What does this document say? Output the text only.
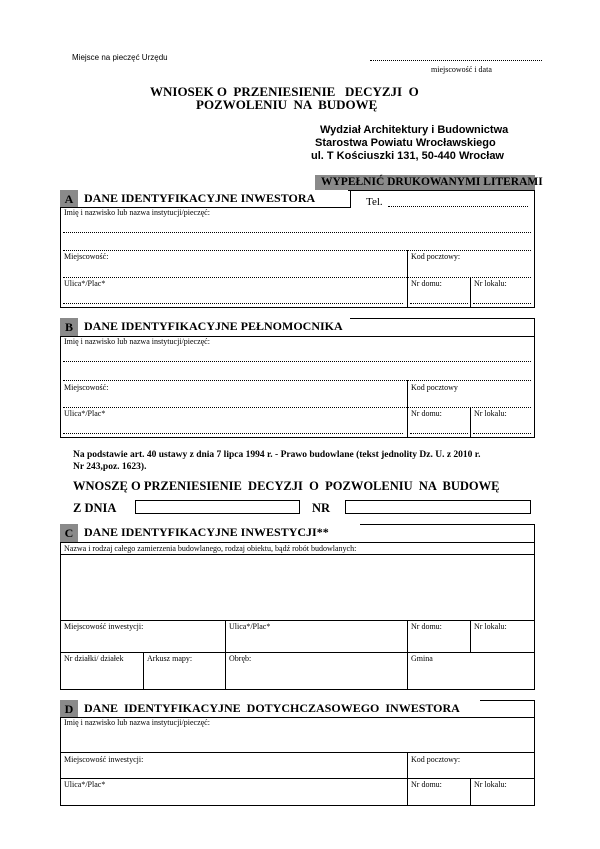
Miejsce na pieczęć Urzędu
miejscowość i data
WNIOSEK O  PRZENIESIENIE   DECYZJI  O
POZWOLENIU  NA  BUDOWĘ
Wydział Architektury i Budownictwa
Starostwa Powiatu Wrocławskiego
ul. T Kościuszki 131, 50-440 Wrocław
WYPEŁNIĆ DRUKOWANYMI LITERAMI
A DANE IDENTYFIKACYJNE INWESTORA	Tel.
Imię i nazwisko lub nazwa instytucji/pieczęć:
Miejscowość:	Kod pocztowy:
Ulica*/Plac*	Nr domu:	Nr lokalu:
B DANE IDENTYFIKACYJNE PEŁNOMOCNIKA
Imię i nazwisko lub nazwa instytucji/pieczęć:
Miejscowość:	Kod pocztowy
Ulica*/Plac*	Nr domu:	Nr lokalu:
Na podstawie art. 40 ustawy z dnia 7 lipca 1994 r. - Prawo budowlane (tekst jednolity Dz. U. z 2010 r.
Nr 243,poz. 1623).
WNOSZĘ O PRZENIESIENIE  DECYZJI  O  POZWOLENIU  NA  BUDOWĘ
Z DNIA	NR
C DANE IDENTYFIKACYJNE INWESTYCJI**
Nazwa i rodzaj całego zamierzenia budowlanego, rodzaj obiektu, bądź robót budowlanych:
Miejscowość inwestycji:	Ulica*/Plac*	Nr domu:	Nr lokalu:
Nr działki/ działek	Arkusz mapy:	Obręb:	Gmina
D DANE  IDENTYFIKACYJNE  DOTYCHCZASOWEGO  INWESTORA
Imię i nazwisko lub nazwa instytucji/pieczęć:
Miejscowość inwestycji:	Kod pocztowy:
Ulica*/Plac*	Nr domu:	Nr lokalu:
